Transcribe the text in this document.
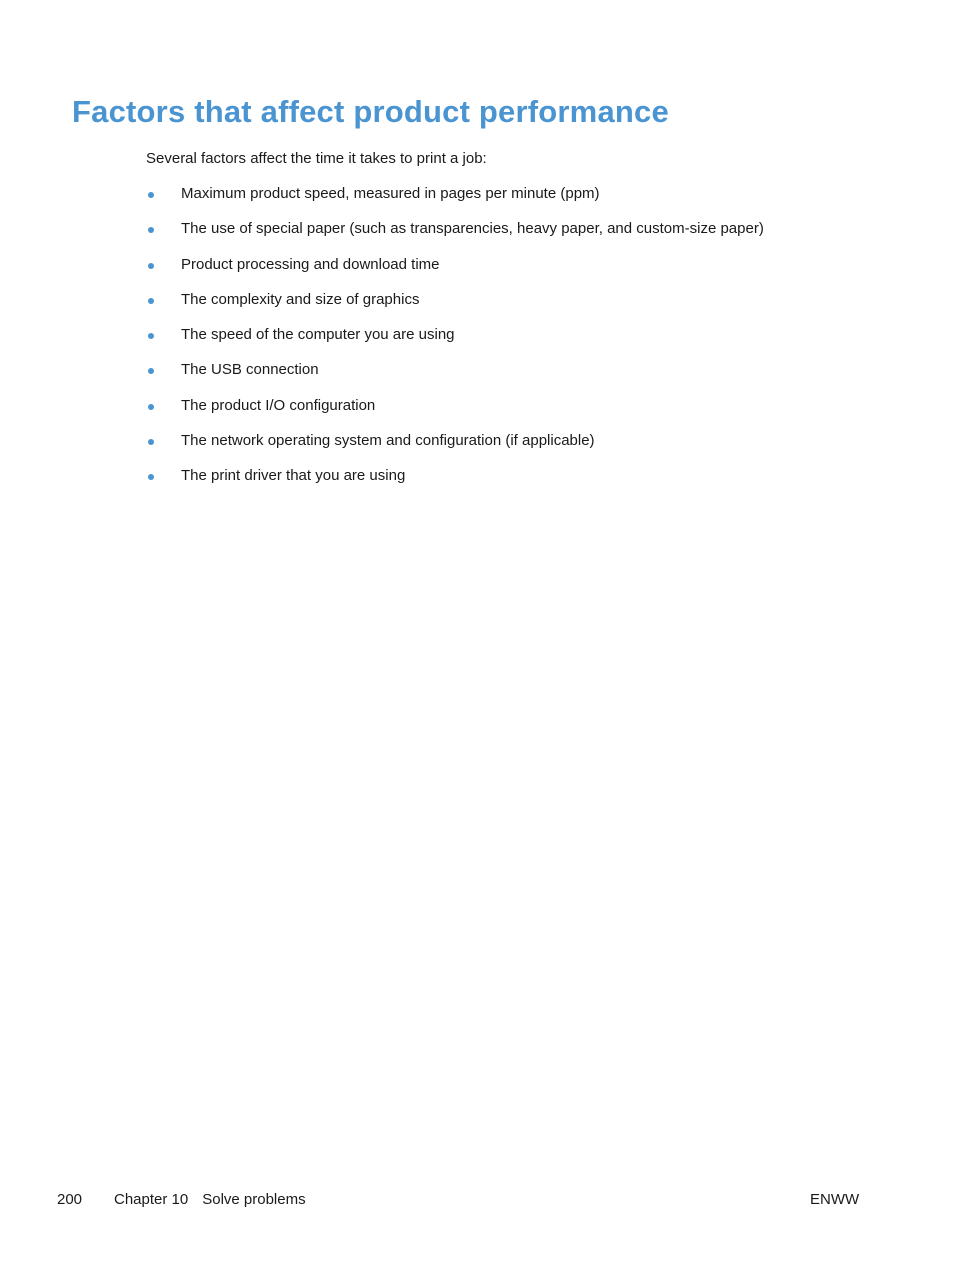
Factors that affect product performance

Several factors affect the time it takes to print a job:

Maximum product speed, measured in pages per minute (ppm)
The use of special paper (such as transparencies, heavy paper, and custom-size paper)
Product processing and download time
The complexity and size of graphics
The speed of the computer you are using
The USB connection
The product I/O configuration
The network operating system and configuration (if applicable)
The print driver that you are using
200 Chapter 10 Solve problems	ENWW
